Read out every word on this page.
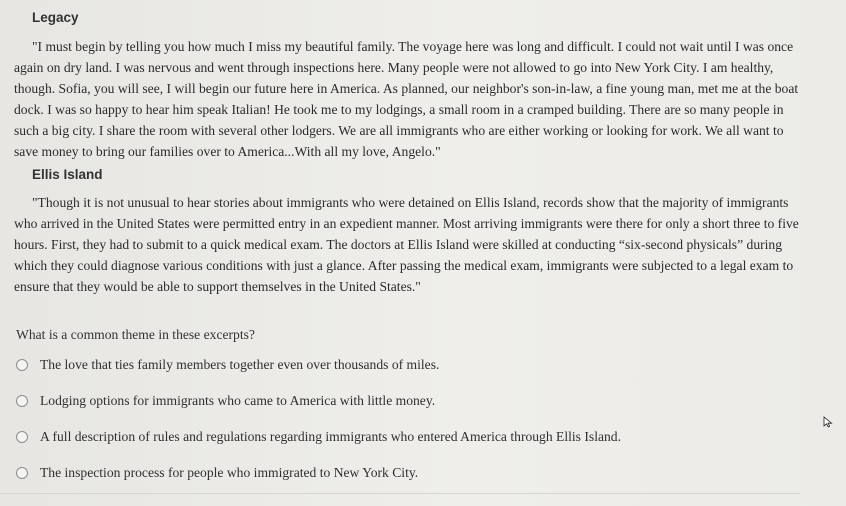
Legacy

"I must begin by telling you how much I miss my beautiful family. The voyage here was long and difficult. I could not wait until I was once again on dry land. I was nervous and went through inspections here. Many people were not allowed to go into New York City. I am healthy, though. Sofia, you will see, I will begin our future here in America. As planned, our neighbor's son-in-law, a fine young man, met me at the boat dock. I was so happy to hear him speak Italian! He took me to my lodgings, a small room in a cramped building. There are so many people in such a big city. I share the room with several other lodgers. We are all immigrants who are either working or looking for work. We all want to save money to bring our families over to America...With all my love, Angelo."

Ellis Island

"Though it is not unusual to hear stories about immigrants who were detained on Ellis Island, records show that the majority of immigrants who arrived in the United States were permitted entry in an expedient manner. Most arriving immigrants were there for only a short three to five hours. First, they had to submit to a quick medical exam. The doctors at Ellis Island were skilled at conducting “six-second physicals” during which they could diagnose various conditions with just a glance. After passing the medical exam, immigrants were subjected to a legal exam to ensure that they would be able to support themselves in the United States."

What is a common theme in these excerpts?
The love that ties family members together even over thousands of miles.
Lodging options for immigrants who came to America with little money.
A full description of rules and regulations regarding immigrants who entered America through Ellis Island.
The inspection process for people who immigrated to New York City.
